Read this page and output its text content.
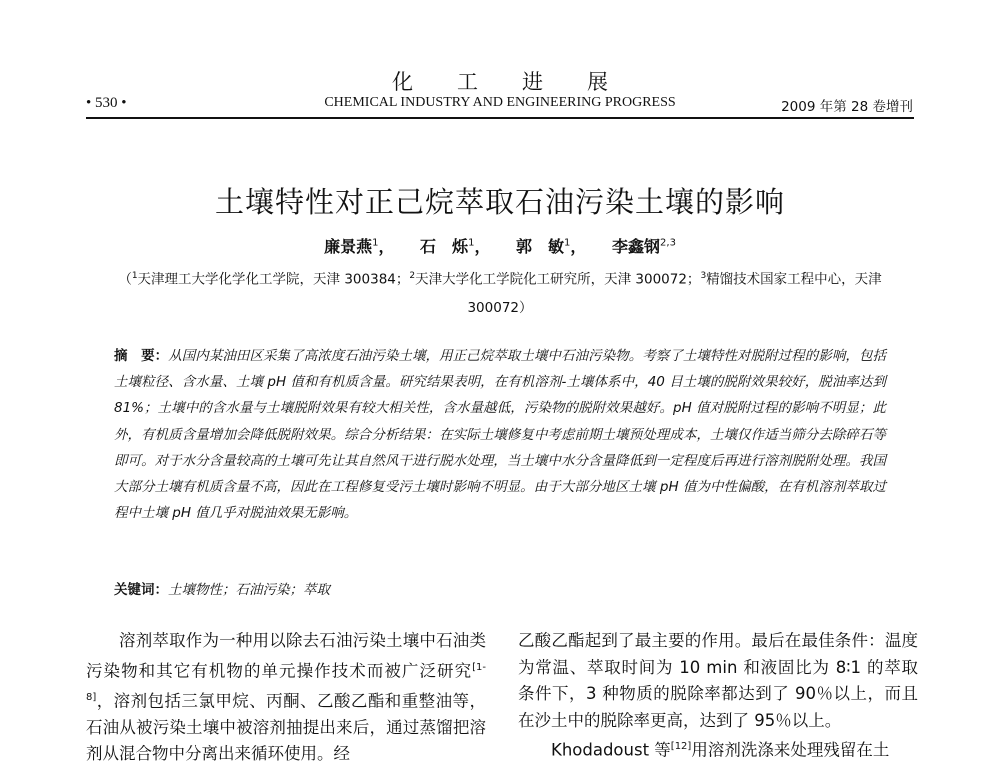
化工进展
• 530 •	CHEMICAL INDUSTRY AND ENGINEERING PROGRESS	2009 年第 28 卷增刊
土壤特性对正己烷萃取石油污染土壤的影响
廉景燕$^1$， 石　烁$^1$， 郭　敏$^1$， 李鑫钢$^{2,3}$
（$^1$天津理工大学化学化工学院，天津 300384；$^2$天津大学化工学院化工研究所，天津 300072；$^3$精馏技术国家工程中心，天津 300072）
摘　要：从国内某油田区采集了高浓度石油污染土壤，用正己烷萃取土壤中石油污染物。考察了土壤特性对脱附过程的影响，包括土壤粒径、含水量、土壤 pH 值和有机质含量。研究结果表明，在有机溶剂-土壤体系中，40 目土壤的脱附效果较好，脱油率达到 81%；土壤中的含水量与土壤脱附效果有较大相关性，含水量越低，污染物的脱附效果越好。pH 值对脱附过程的影响不明显；此外，有机质含量增加会降低脱附效果。综合分析结果：在实际土壤修复中考虑前期土壤预处理成本，土壤仅作适当筛分去除碎石等即可。对于水分含量较高的土壤可先让其自然风干进行脱水处理，当土壤中水分含量降低到一定程度后再进行溶剂脱附处理。我国大部分土壤有机质含量不高，因此在工程修复受污土壤时影响不明显。由于大部分地区土壤 pH 值为中性偏酸，在有机溶剂萃取过程中土壤 pH 值几乎对脱油效果无影响。
关键词：土壤物性；石油污染；萃取

溶剂萃取作为一种用以除去石油污染土壤中石油类污染物和其它有机物的单元操作技术而被广泛研究[1-8]，溶剂包括三氯甲烷、丙酮、乙酸乙酯和重整油等，石油从被污染土壤中被溶剂抽提出来后，通过蒸馏把溶剂从混合物中分离出来循环使用。经

乙酸乙酯起到了最主要的作用。最后在最佳条件：温度为常温、萃取时间为 10 min 和液固比为 8∶1 的萃取条件下，3 种物质的脱除率都达到了 90％以上，而且在沙土中的脱除率更高，达到了 95％以上。

Khodadoust 等[12]用溶剂洗涤来处理残留在土
